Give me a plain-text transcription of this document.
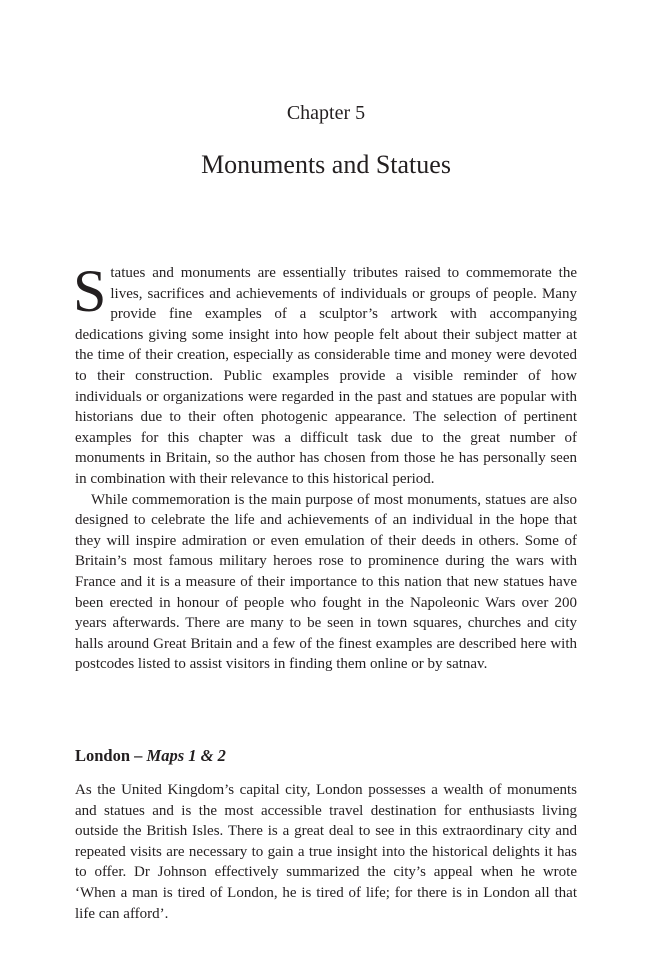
Chapter 5
Monuments and Statues

Statues and monuments are essentially tributes raised to commemorate the lives, sacrifices and achievements of individuals or groups of people. Many provide fine examples of a sculptor’s artwork with accompanying dedications giving some insight into how people felt about their subject matter at the time of their creation, especially as considerable time and money were devoted to their construction. Public examples provide a visible reminder of how individuals or organizations were regarded in the past and statues are popular with historians due to their often photogenic appearance. The selection of pertinent examples for this chapter was a difficult task due to the great number of monuments in Britain, so the author has chosen from those he has personally seen in combination with their relevance to this historical period.

While commemoration is the main purpose of most monuments, statues are also designed to celebrate the life and achievements of an individual in the hope that they will inspire admiration or even emulation of their deeds in others. Some of Britain’s most famous military heroes rose to prominence during the wars with France and it is a measure of their importance to this nation that new statues have been erected in honour of people who fought in the Napoleonic Wars over 200 years afterwards. There are many to be seen in town squares, churches and city halls around Great Britain and a few of the finest examples are described here with postcodes listed to assist visitors in finding them online or by satnav.

London – Maps 1 & 2

As the United Kingdom’s capital city, London possesses a wealth of monuments and statues and is the most accessible travel destination for enthusiasts living outside the British Isles. There is a great deal to see in this extraordinary city and repeated visits are necessary to gain a true insight into the historical delights it has to offer. Dr Johnson effectively summarized the city’s appeal when he wrote ‘When a man is tired of London, he is tired of life; for there is in London all that life can afford’.
